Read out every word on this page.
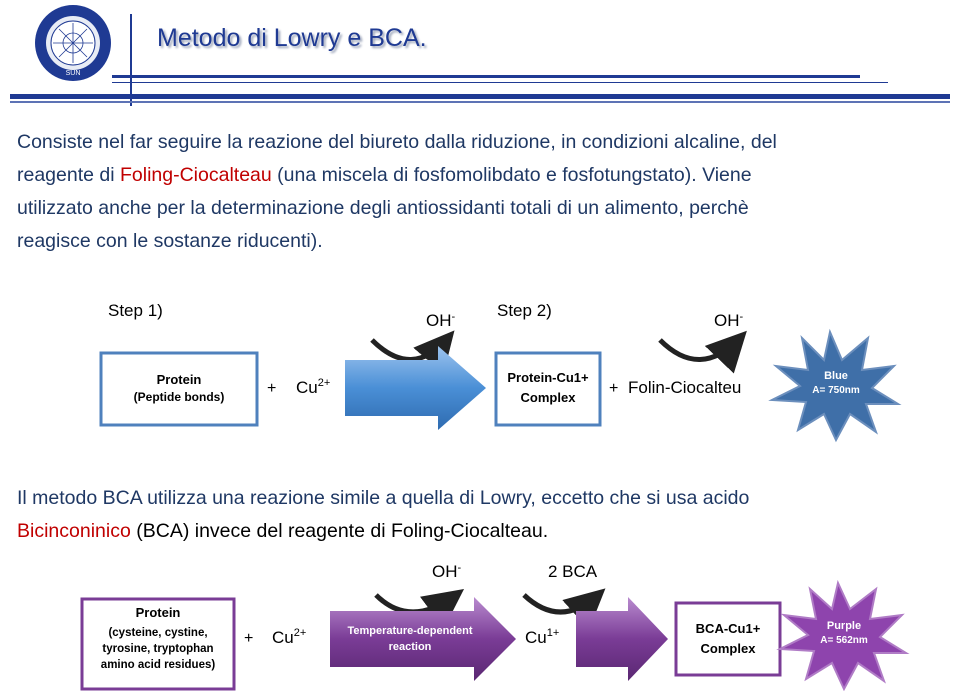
SUN
Metodo di Lowry e BCA.
Consiste nel far seguire la reazione del biureto dalla riduzione, in condizioni alcaline, del
reagente di Foling-Ciocalteau (una miscela di fosfomolibdato e fosfotungstato). Viene
utilizzato anche per la determinazione degli antiossidanti totali di un alimento, perchè
reagisce con le sostanze riducenti).
Step 1)	Step 2)
OH-	OH-
Protein
(Peptide bonds)	+ $Cu^{2+}$	Protein-Cu1+
Complex
+ Folin-Ciocalteu
Blue
A= 750nm
Il metodo BCA utilizza una reazione simile a quella di Lowry, eccetto che si usa acido
Bicinconinico (BCA) invece del reagente di Foling-Ciocalteau.
OH-	2 BCA
Protein
(cysteine, cystine,
tyrosine, tryptophan
amino acid residues)
+ $Cu^{2+}$	Temperature-dependent
reaction	$Cu^{1+}$	BCA-Cu1+
Complex
Purple
A= 562nm
